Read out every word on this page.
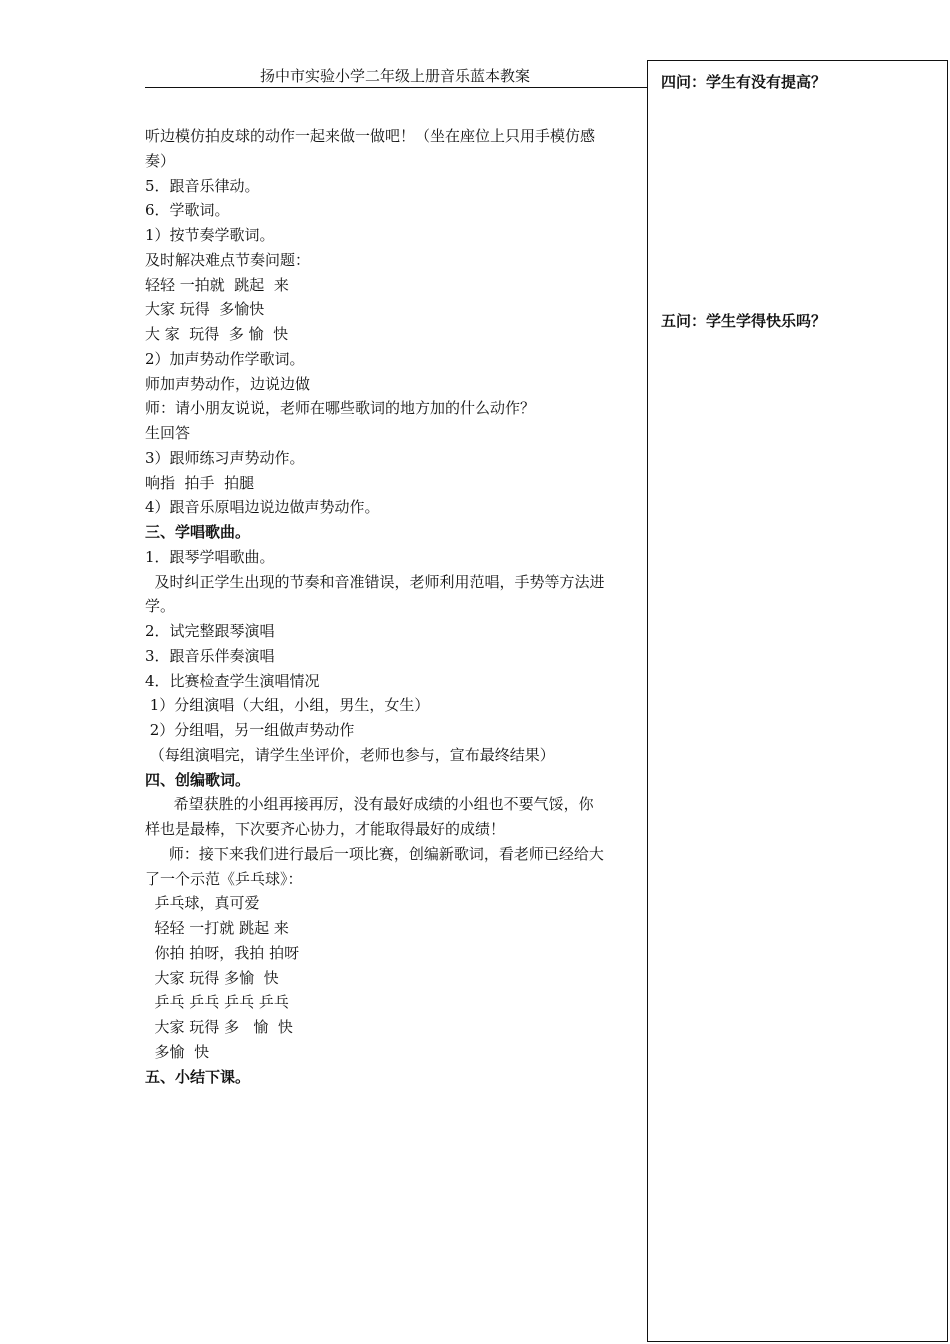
扬中市实验小学二年级上册音乐蓝本教案
听边模仿拍皮球的动作一起来做一做吧！（坐在座位上只用手模仿感
奏）
5．跟音乐律动。
6．学歌词。
1）按节奏学歌词。
及时解决难点节奏问题：
轻轻 一拍就  跳起  来
大家 玩得  多愉快
大 家  玩得  多 愉  快
2）加声势动作学歌词。
师加声势动作，边说边做
师：请小朋友说说，老师在哪些歌词的地方加的什么动作？
生回答
3）跟师练习声势动作。
响指  拍手  拍腿
4）跟音乐原唱边说边做声势动作。
三、学唱歌曲。
1．跟琴学唱歌曲。
及时纠正学生出现的节奏和音准错误，老师利用范唱，手势等方法进
学。
2．试完整跟琴演唱
3．跟音乐伴奏演唱
4．比赛检查学生演唱情况
1）分组演唱（大组，小组，男生，女生）
2）分组唱，另一组做声势动作
（每组演唱完，请学生坐评价，老师也参与，宣布最终结果）
四、创编歌词。
希望获胜的小组再接再厉，没有最好成绩的小组也不要气馁，你
样也是最棒，下次要齐心协力，才能取得最好的成绩！
师：接下来我们进行最后一项比赛，创编新歌词，看老师已经给大
了一个示范《乒乓球》：
乒乓球，真可爱
轻轻 一打就 跳起 来
你拍 拍呀，我拍 拍呀
大家 玩得 多愉  快
乒乓 乒乓 乒乓 乒乓
大家 玩得 多   愉  快
多愉  快
五、小结下课。
四问：学生有没有提高？
五问：学生学得快乐吗？
